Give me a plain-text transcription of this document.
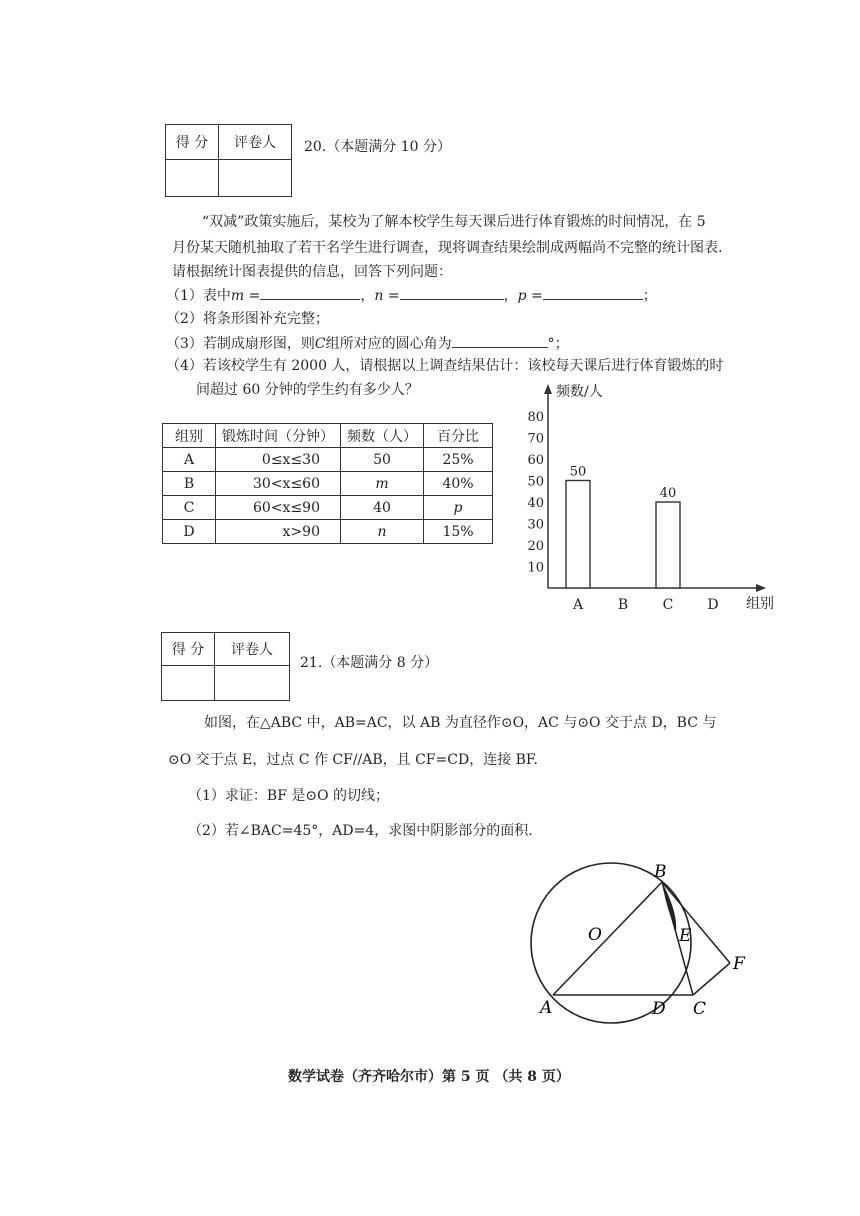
得 分	评卷人
	20.（本题满分 10 分）
“双减”政策实施后，某校为了解本校学生每天课后进行体育锻炼的时间情况，在 5
月份某天随机抽取了若干名学生进行调查，现将调查结果绘制成两幅尚不完整的统计图表.
请根据统计图表提供的信息，回答下列问题：
（1）表中m =	，n =	，p =	；
（2）将条形图补充完整；
（3）若制成扇形图，则C组所对应的圆心角为	°；
（4）若该校学生有 2000 人，请根据以上调查结果估计：该校每天课后进行体育锻炼的时
间超过 60 分钟的学生约有多少人？
组别	锻炼时间（分钟）	频数（人）	百分比
A	0≤x≤30	50	25%
B	30<x≤60	m	40%
C	60<x≤90	40	p
D	x>90	n	15%
10
20
30
40
50
60
70
80
A B C D
频数/人
组别
50
40
得 分	评卷人

21.（本题满分 8 分）
如图，在△ABC 中，AB=AC，以 AB 为直径作⊙O，AC 与⊙O 交于点 D，BC 与
⊙O 交于点 E，过点 C 作 CF//AB，且 CF=CD，连接 BF.
（1）求证：BF 是⊙O 的切线；
（2）若∠BAC=45°，AD=4，求图中阴影部分的面积.
B
O	E
F
A	D C
数学试卷（齐齐哈尔市）第 5 页 （共 8 页）
